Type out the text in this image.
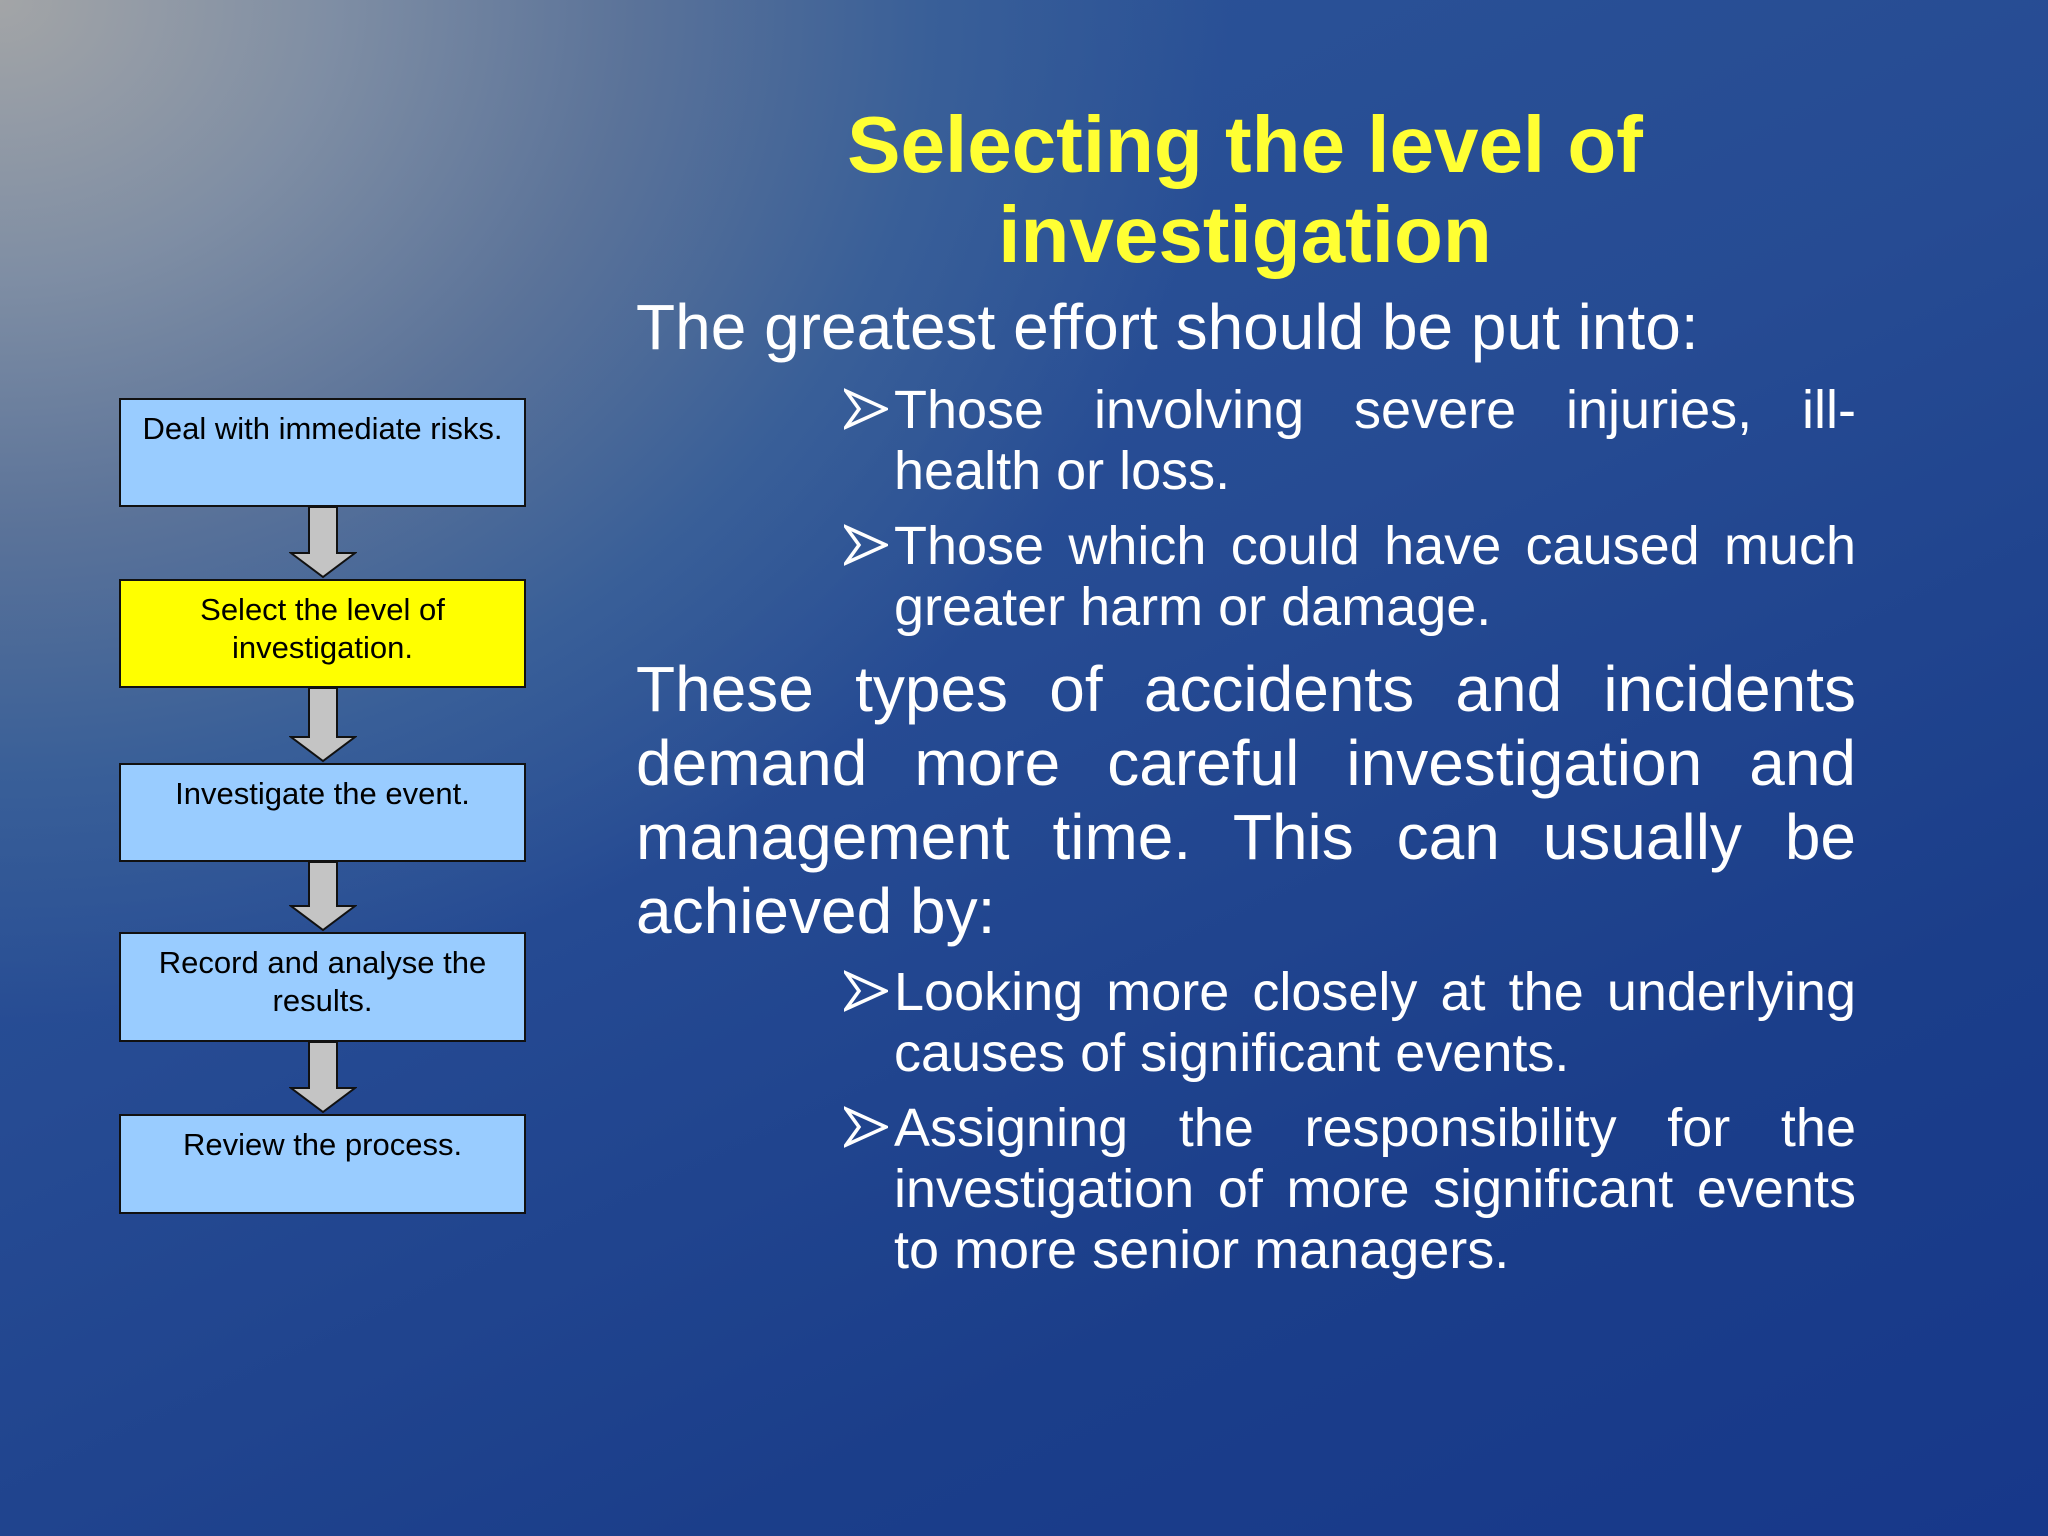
Selecting the level of investigation

The greatest effort should be put into:

Those involving severe injuries, ill-health or loss.
Those which could have caused much greater harm or damage.

These types of accidents and incidents demand more careful investigation and management time. This can usually be achieved by:

Looking more closely at the underlying causes of significant events.
Assigning the responsibility for the investigation of more significant events to more senior managers.
Deal with immediate risks.
Select the level of investigation.
Investigate the event.
Record and analyse the results.
Review the process.
